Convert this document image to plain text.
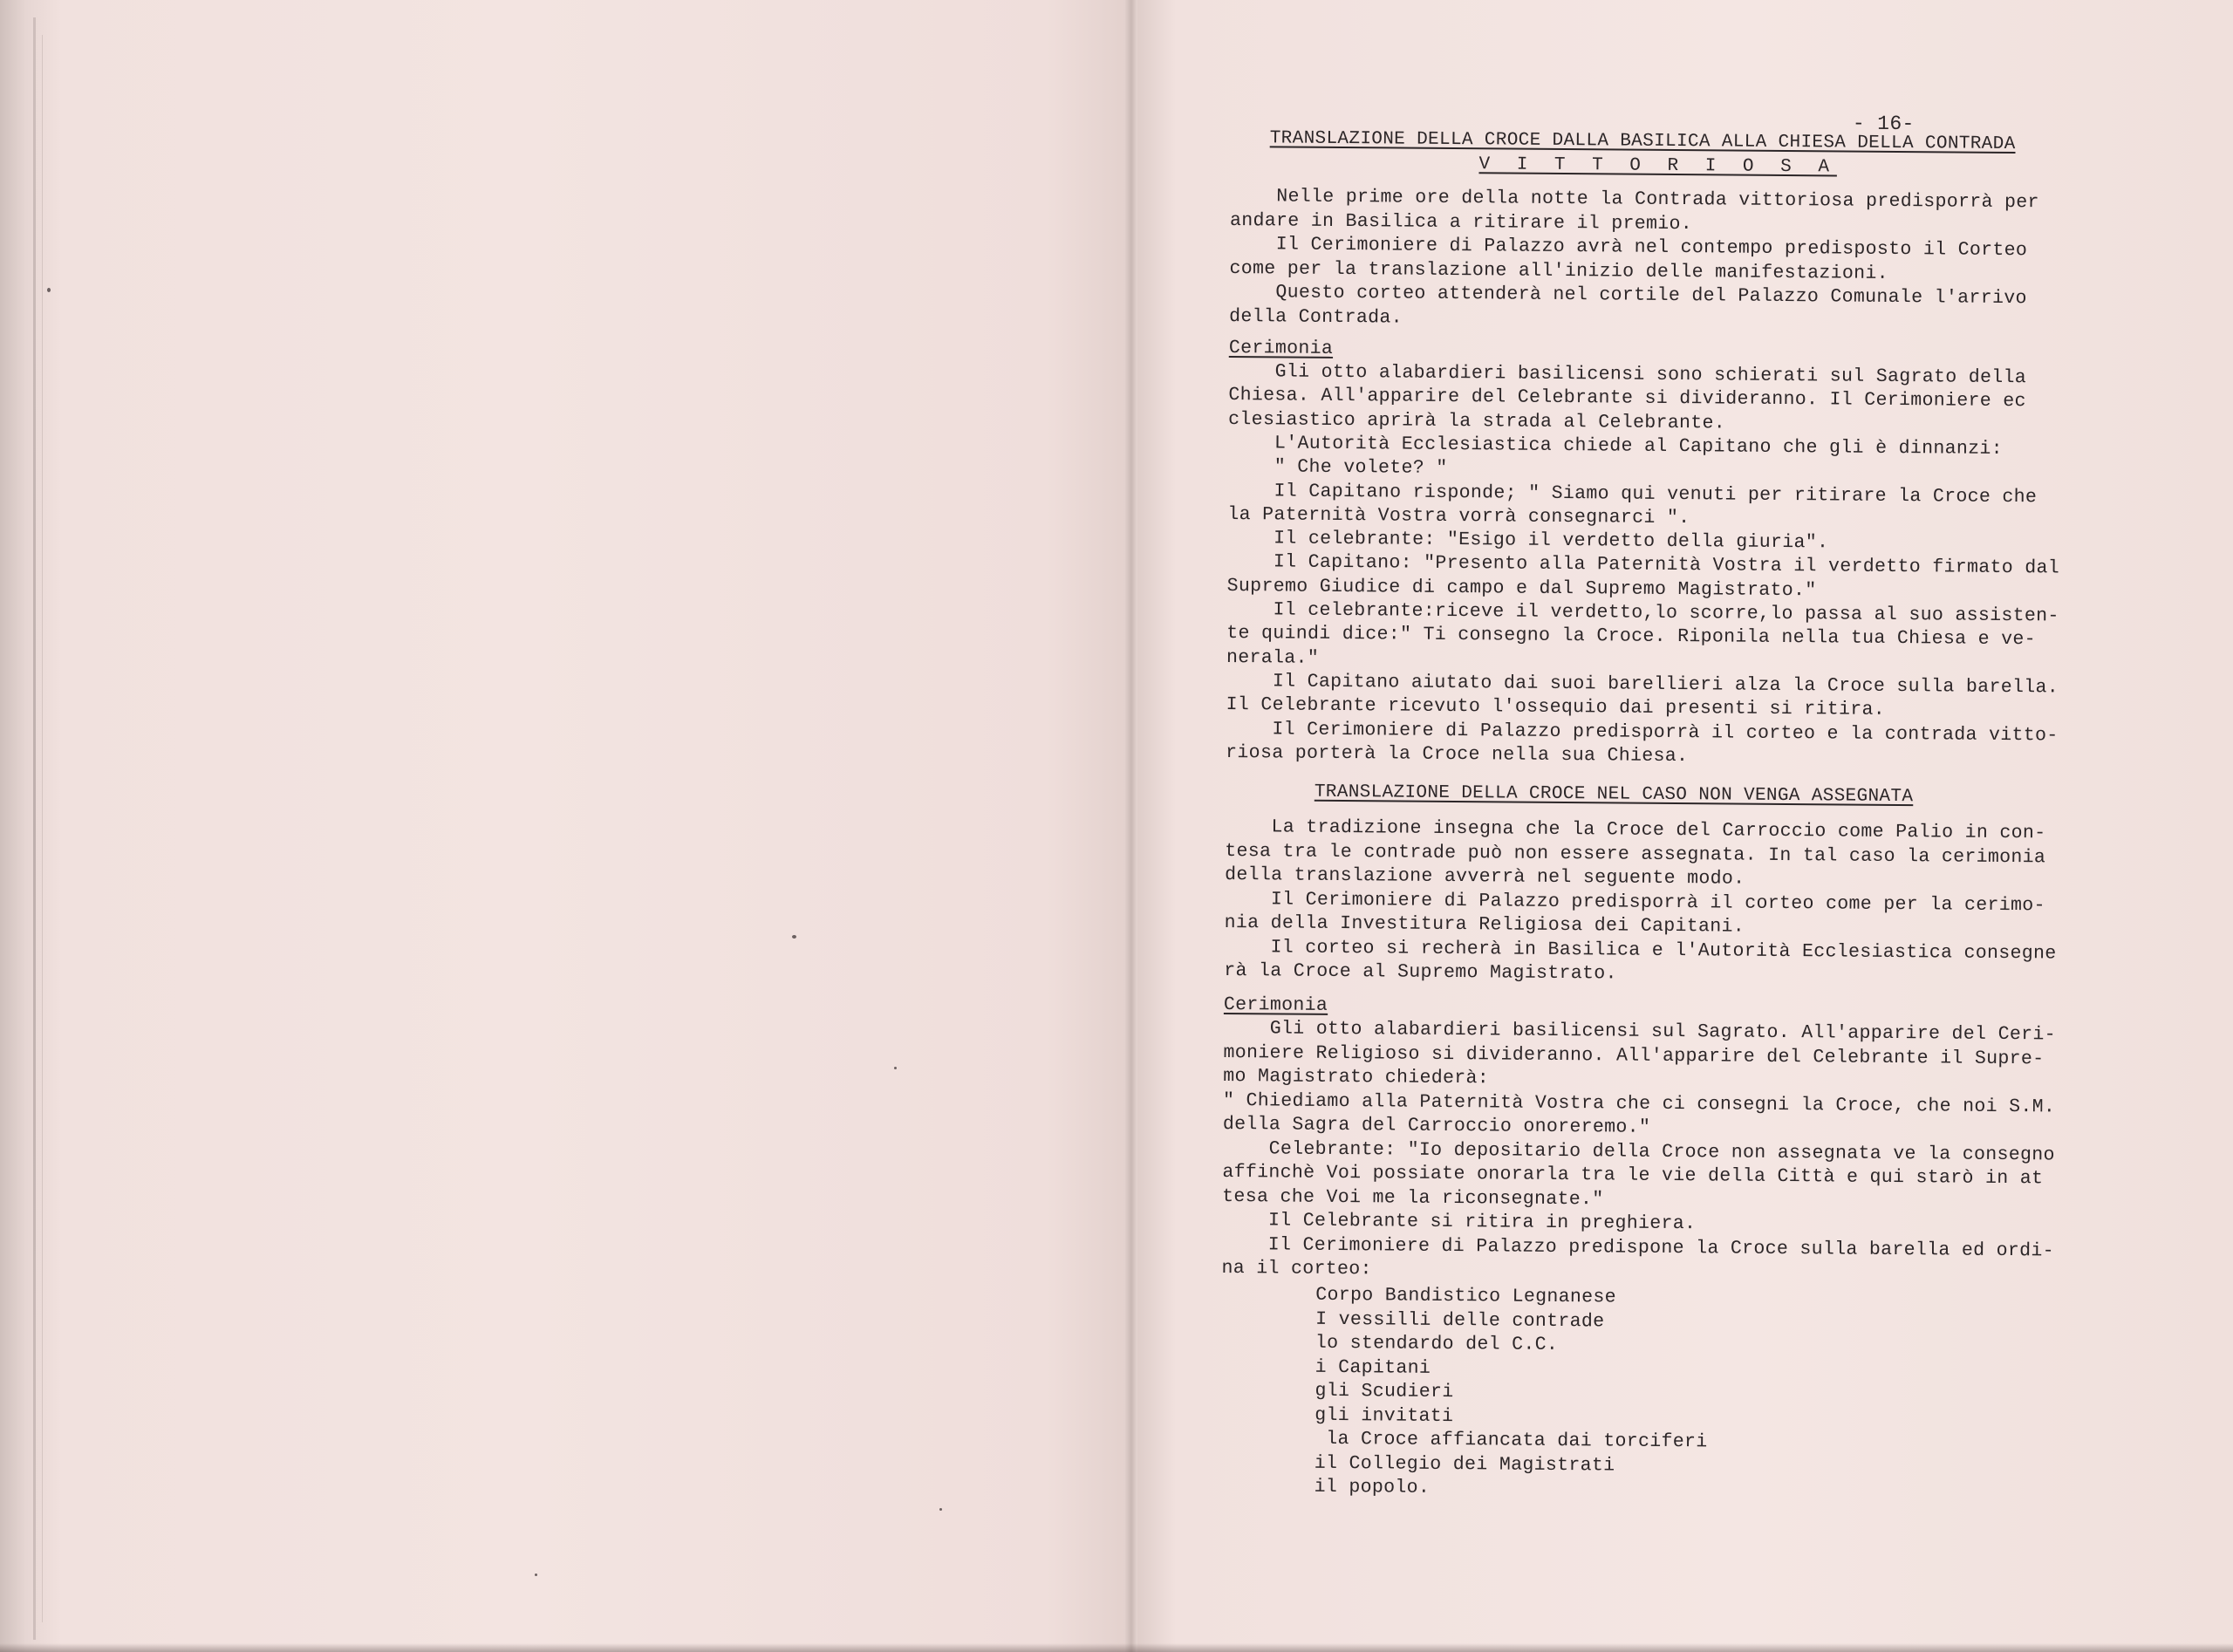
- 16-
TRANSLAZIONE DELLA CROCE DALLA BASILICA ALLA CHIESA DELLA CONTRADA
V I T T O R I O S A
Nelle prime ore della notte la Contrada vittoriosa predisporrà per
andare in Basilica a ritirare il premio.
Il Cerimoniere di Palazzo avrà nel contempo predisposto il Corteo
come per la translazione all'inizio delle manifestazioni.
Questo corteo attenderà nel cortile del Palazzo Comunale l'arrivo
della Contrada.
Cerimonia
Gli otto alabardieri basilicensi sono schierati sul Sagrato della
Chiesa. All'apparire del Celebrante si divideranno. Il Cerimoniere ec
clesiastico aprirà la strada al Celebrante.
L'Autorità Ecclesiastica chiede al Capitano che gli è dinnanzi:
" Che volete? "
Il Capitano risponde; " Siamo qui venuti per ritirare la Croce che
la Paternità Vostra vorrà consegnarci ".
Il celebrante: "Esigo il verdetto della giuria".
Il Capitano: "Presento alla Paternità Vostra il verdetto firmato dal
Supremo Giudice di campo e dal Supremo Magistrato."
Il celebrante:riceve il verdetto,lo scorre,lo passa al suo assisten-
te quindi dice:" Ti consegno la Croce. Riponila nella tua Chiesa e ve-
nerala."
Il Capitano aiutato dai suoi barellieri alza la Croce sulla barella.
Il Celebrante ricevuto l'ossequio dai presenti si ritira.
Il Cerimoniere di Palazzo predisporrà il corteo e la contrada vitto-
riosa porterà la Croce nella sua Chiesa.
TRANSLAZIONE DELLA CROCE NEL CASO NON VENGA ASSEGNATA
La tradizione insegna che la Croce del Carroccio come Palio in con-
tesa tra le contrade può non essere assegnata. In tal caso la cerimonia
della translazione avverrà nel seguente modo.
Il Cerimoniere di Palazzo predisporrà il corteo come per la cerimo-
nia della Investitura Religiosa dei Capitani.
Il corteo si recherà in Basilica e l'Autorità Ecclesiastica consegne
rà la Croce al Supremo Magistrato.
Cerimonia
Gli otto alabardieri basilicensi sul Sagrato. All'apparire del Ceri-
moniere Religioso si divideranno. All'apparire del Celebrante il Supre-
mo Magistrato chiederà:
" Chiediamo alla Paternità Vostra che ci consegni la Croce, che noi S.M.
della Sagra del Carroccio onoreremo."
Celebrante: "Io depositario della Croce non assegnata ve la consegno
affinchè Voi possiate onorarla tra le vie della Città e qui starò in at
tesa che Voi me la riconsegnate."
Il Celebrante si ritira in preghiera.
Il Cerimoniere di Palazzo predispone la Croce sulla barella ed ordi-
na il corteo:
Corpo Bandistico Legnanese
I vessilli delle contrade
lo stendardo del C.C.
i Capitani
gli Scudieri
gli invitati
la Croce affiancata dai torciferi
il Collegio dei Magistrati
il popolo.
